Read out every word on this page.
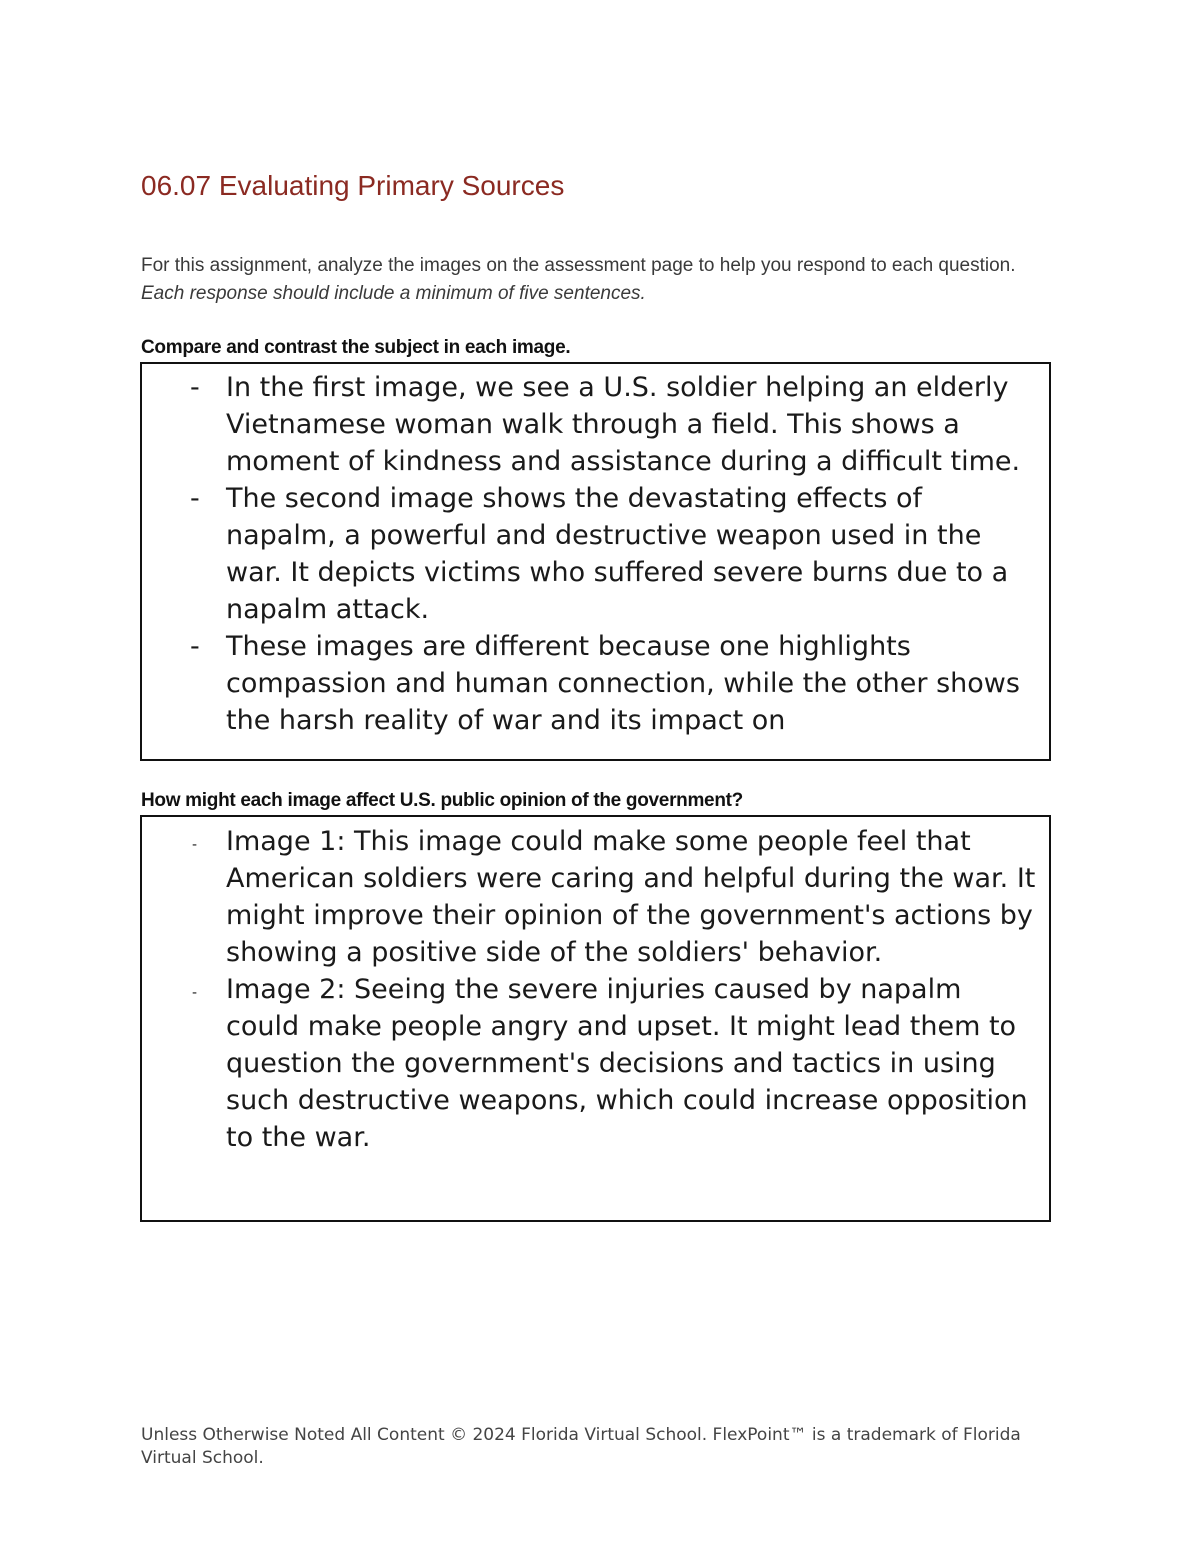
06.07 Evaluating Primary Sources

For this assignment, analyze the images on the assessment page to help you respond to each question. Each response should include a minimum of five sentences.

Compare and contrast the subject in each image.
- In the first image, we see a U.S. soldier helping an elderly Vietnamese woman walk through a field. This shows a moment of kindness and assistance during a difficult time.
- The second image shows the devastating effects of napalm, a powerful and destructive weapon used in the war. It depicts victims who suffered severe burns due to a napalm attack.
- These images are different because one highlights compassion and human connection, while the other shows the harsh reality of war and its impact on
How might each image affect U.S. public opinion of the government?
- Image 1: This image could make some people feel that American soldiers were caring and helpful during the war. It might improve their opinion of the government's actions by showing a positive side of the soldiers' behavior.
- Image 2: Seeing the severe injuries caused by napalm could make people angry and upset. It might lead them to question the government's decisions and tactics in using such destructive weapons, which could increase opposition to the war.

Unless Otherwise Noted All Content © 2024 Florida Virtual School. FlexPoint™ is a trademark of Florida Virtual School.
